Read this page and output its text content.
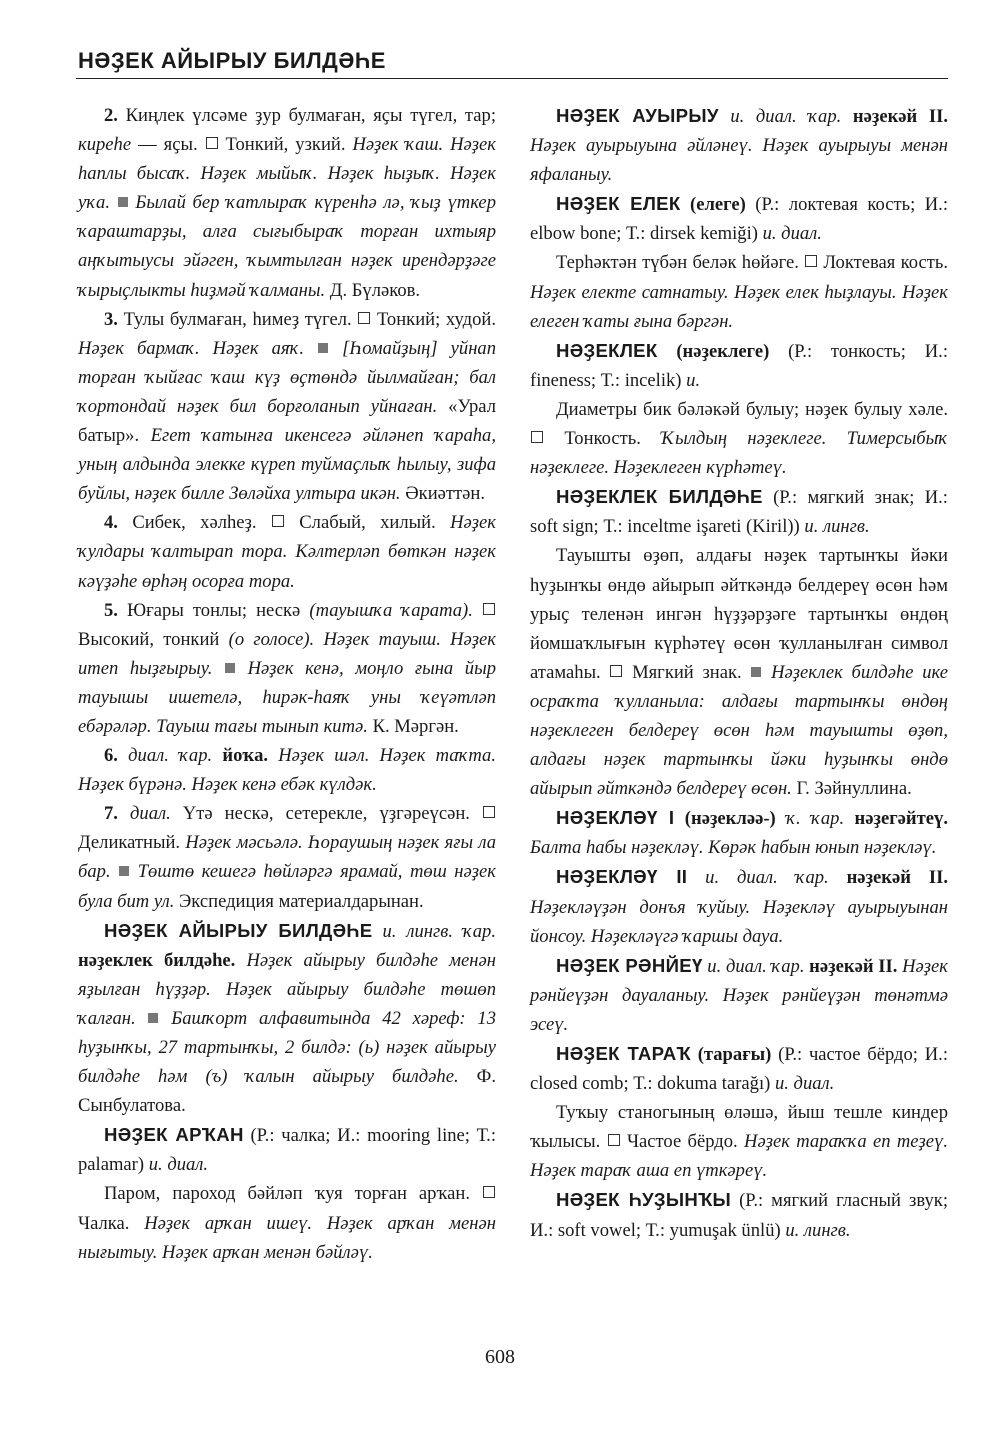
НӘҘЕК АЙЫРЫУ БИЛДӘҺЕ

2. Киңлек үлсәме ҙур булмаған, яҫы түгел, тар; киреһе — яҫы.  Тонкий, узкий. Нәҙек ҡаш. Нәҙек һаплы бысаҡ. Нәҙек мыйыҡ. Нәҙек һыҙыҡ. Нәҙек уҡа. Былай бер ҡатлыраҡ күренһә лә, ҡыҙ үткер ҡараштарҙы, алға сығыбыраҡ торған ихтыяр аңҡытыусы эйәген, ҡымтылған нәҙек ирендәрҙәге ҡырыҫлыкты һиҙмәй ҡалманы. Д. Бүләков.

3. Тулы булмаған, һимеҙ түгел.  Тонкий; худой. Нәҙек бармаҡ. Нәҙек аяҡ. [Һомайҙың] уйнап торған ҡыйғас ҡаш күҙ өҫтөндә йылмайған; бал ҡортондай нәҙек бил борғоланып уйнаған. «Урал батыр». Егет ҡатынға икенсегә әйләнеп ҡараһа, уның алдында элекке күреп туймаҫлыҡ һылыу, зифа буйлы, нәҙек билле Зөләйха ултыра икән. Әкиәттән.

4. Сибек, хәлһеҙ.  Слабый, хилый. Нәҙек ҡулдары ҡалтырап тора. Кәлтерләп бөткән нәҙек кәүҙәһе өрһәң осорға тора.

5. Юғары тонлы; нескә (тауышҡа ҡарата).  Высокий, тонкий (о голосе). Нәҙек тауыш. Нәҙек итеп һыҙғырыу. Нәҙек кенә, моңло ғына йыр тауышы ишетелә, һирәк-һаяҡ уны ҡеүәтләп ебәрәләр. Тауыш тағы тынып китә. К. Мәргән.

6. диал. ҡар. йоҡа. Нәҙек шәл. Нәҙек таҡта. Нәҙек бүрәнә. Нәҙек кенә ебәк күлдәк.

7. диал. Үтә нескә, сетерекле, үҙгәреүсән.  Деликатный. Нәҙек мәсьәлә. Һораушың нәҙек яғы ла бар. Төштө кешегә һөйләргә ярамай, төш нәҙек була бит ул. Экспедиция материалдарынан.

НӘҘЕК АЙЫРЫУ БИЛДӘҺЕ и. лингв. ҡар. нәҙеклек билдәһе. Нәҙек айырыу билдәһе менән яҙылған һүҙҙәр. Нәҙек айырыу билдәһе төшөп ҡалған. Башҡорт алфавитында 42 хәреф: 13 һуҙынҡы, 27 тартынҡы, 2 билдә: (ь) нәҙек айырыу билдәһе һәм (ъ) ҡалын айырыу билдәһе. Ф. Сынбулатова.

НӘҘЕК АРҠАН (Р.: чалка; И.: mooring line; Т.: palamar) и. диал.

Паром, пароход бәйләп ҡуя торған арҡан.  Чалка. Нәҙек арҡан ишеү. Нәҙек арҡан менән нығытыу. Нәҙек арҡан менән бәйләү.

НӘҘЕК АУЫРЫУ и. диал. ҡар. нәҙекәй II. Нәҙек ауырыуына әйләнеү. Нәҙек ауырыуы менән яфаланыу.

НӘҘЕК ЕЛЕК (елеге) (Р.: локтевая кость; И.: elbow bone; Т.: dirsek kemiği) и. диал.

Терһәктән түбән беләк һөйәге.  Локтевая кость. Нәҙек електе сатнатыу. Нәҙек елек һыҙлауы. Нәҙек елеген ҡаты ғына бәргән.

НӘҘЕКЛЕК (нәҙеклеге) (Р.: тонкость; И.: fineness; Т.: incelik) и.

Диаметры бик бәләкәй булыу; нәҙек булыу хәле.  Тонкость. Ҡылдың нәҙеклеге. Тимерсыбыҡ нәҙеклеге. Нәҙеклеген күрһәтеү.

НӘҘЕКЛЕК БИЛДӘҺЕ (Р.: мягкий знак; И.: soft sign; Т.: inceltme işareti (Kiril)) и. лингв.

Тауышты өҙөп, алдағы нәҙек тартынҡы йәки һуҙынҡы өндө айырып әйткәндә белдереү өсөн һәм урыҫ теленән ингән һүҙҙәрҙәге тартынҡы өндөң йомшаҡлығын күрһәтеү өсөн ҡулланылған символ атамаһы.  Мягкий знак.  Нәҙеклек билдәһе ике осраҡта ҡулланыла: алдағы тартынҡы өндөң нәҙеклеген белдереү өсөн һәм тауышты өҙөп, алдағы нәҙек тартынҡы йәки һуҙынҡы өндө айырып әйткәндә белдереү өсөн. Г. Зәйнуллина.

НӘҘЕКЛӘҮ I (нәҙекләә-) ҡ. ҡар. нәҙегәйтеү. Балта һабы нәҙекләү. Көрәк һабын юнып нәҙекләү.

НӘҘЕКЛӘҮ II и. диал. ҡар. нәҙекәй II. Нәҙекләүҙән донъя ҡуйыу. Нәҙекләү ауырыуынан йонсоу. Нәҙекләүгә ҡаршы дауа.

НӘҘЕК РӘНЙЕҮ и. диал. ҡар. нәҙекәй II. Нәҙек рәнйеүҙән дауаланыу. Нәҙек рәнйеүҙән төнәтмә эсеү.

НӘҘЕК ТАРАҠ (тарағы) (Р.: частое бёрдо; И.: closed comb; Т.: dokuma tarağı) и. диал.

Туҡыу станогының өләшә, йыш тешле киндер ҡылысы.  Частое бёрдо. Нәҙек тараҡҡа еп теҙеү. Нәҙек тараҡ аша еп үткәреү.

НӘҘЕК ҺУҘЫНҠЫ (Р.: мягкий гласный звук; И.: soft vowel; Т.: yumuşak ünlü) и. лингв.

608
